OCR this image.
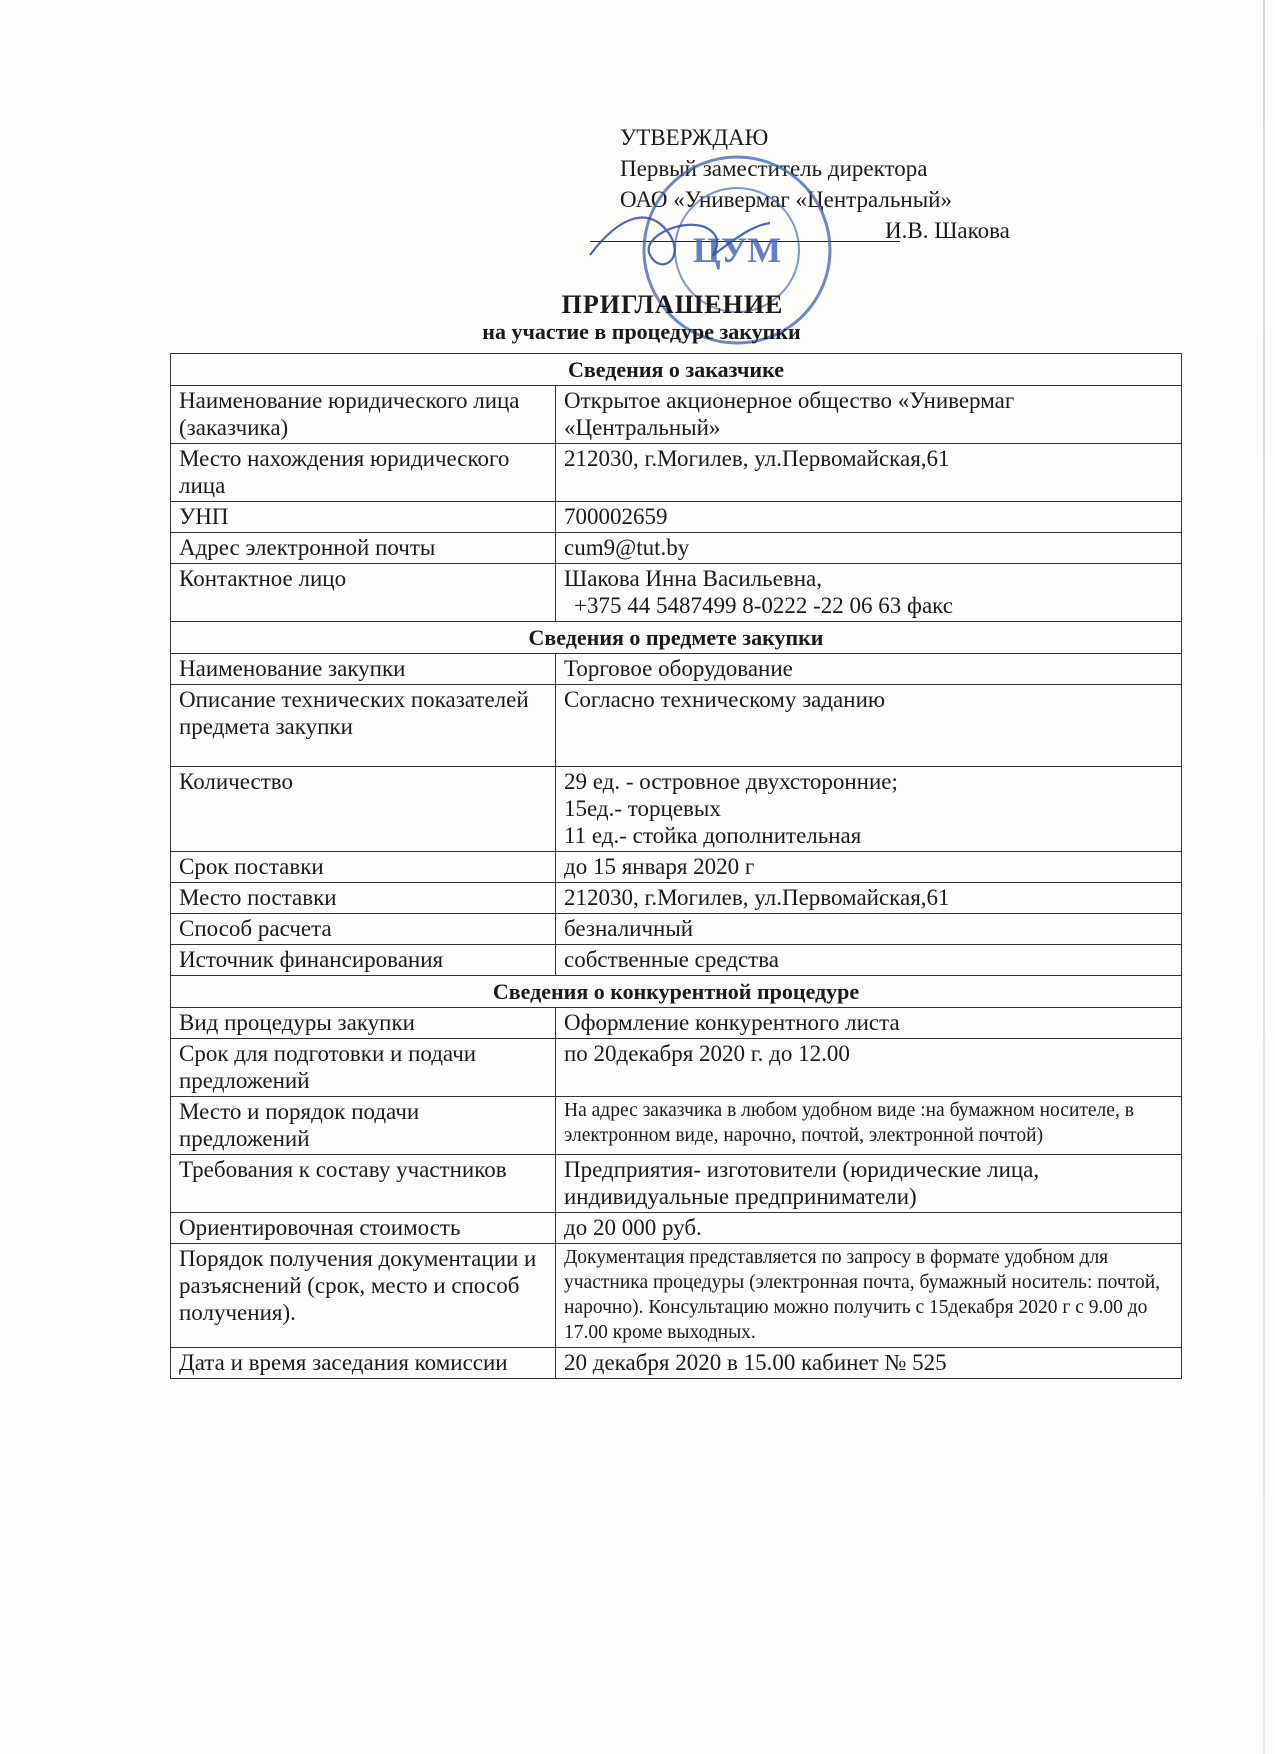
УТВЕРЖДАЮ
Первый заместитель директора
ОАО «Универмаг «Центральный»
И.В. Шакова
ЦУМ
ПРИГЛАШЕНИЕ
на участие в процедуре закупки
Сведения о заказчике	
Наименование юридического лица (заказчика)	Открытое акционерное общество «Универмаг «Центральный»
Место нахождения юридического лица	212030, г.Могилев, ул.Первомайская,61
УНП	700002659
Адрес электронной почты	cum9@tut.by
Контактное лицо	Шакова Инна Васильевна,
+375 44 5487499 8-0222 -22 06 63 факс

Сведения о предмете закупки	
Наименование закупки	Торговое оборудование
Описание технических показателей предмета закупки	Согласно техническому заданию
Количество	29 ед. - островное двухсторонние;
15ед.- торцевых
11 ед.- стойка дополнительная

Срок поставки	до 15 января 2020 г
Место поставки	212030, г.Могилев, ул.Первомайская,61
Способ расчета	безналичный
Источник финансирования	собственные средства
Сведения о конкурентной процедуре	
Вид процедуры закупки	Оформление конкурентного листа
Срок для подготовки и подачи предложений	по 20декабря 2020 г. до 12.00
Место и порядок подачи предложений	На адрес заказчика в любом удобном виде :на бумажном носителе, в электронном виде, нарочно, почтой, электронной почтой)
Требования к составу участников	Предприятия- изготовители (юридические лица, индивидуальные предприниматели)
Ориентировочная стоимость	до 20 000 руб.
Порядок получения документации и разъяснений (срок, место и способ получения).	Документация представляется по запросу в формате удобном для участника процедуры (электронная почта, бумажный носитель: почтой, нарочно). Консультацию можно получить с 15декабря 2020 г с 9.00 до 17.00 кроме выходных.
Дата и время заседания комиссии	20 декабря 2020 в 15.00 кабинет № 525
